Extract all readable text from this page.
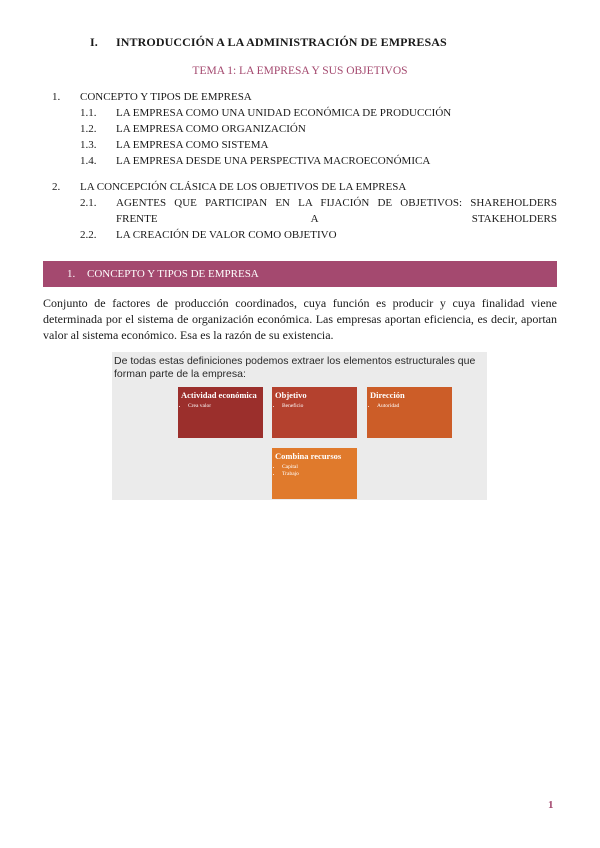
I. INTRODUCCIÓN A LA ADMINISTRACIÓN DE EMPRESAS
TEMA 1: LA EMPRESA Y SUS OBJETIVOS
1. CONCEPTO Y TIPOS DE EMPRESA
1.1. LA EMPRESA COMO UNA UNIDAD ECONÓMICA DE PRODUCCIÓN
1.2. LA EMPRESA COMO ORGANIZACIÓN
1.3. LA EMPRESA COMO SISTEMA
1.4. LA EMPRESA DESDE UNA PERSPECTIVA MACROECONÓMICA
2. LA CONCEPCIÓN CLÁSICA DE LOS OBJETIVOS DE LA EMPRESA
2.1.	AGENTES QUE PARTICIPAN EN LA FIJACIÓN DE OBJETIVOS: SHAREHOLDERS FRENTE A STAKEHOLDERS
2.2. LA CREACIÓN DE VALOR COMO OBJETIVO
1.	CONCEPTO Y TIPOS DE EMPRESA
Conjunto de factores de producción coordinados, cuya función es producir y cuya finalidad viene determinada por el sistema de organización económica. Las empresas aportan eficiencia, es decir, aportan valor al sistema económico. Esa es la razón de su existencia.
De todas estas definiciones podemos extraer los elementos estructurales que forman parte de la empresa:
Actividad económica
• Crea valor
Objetivo
• Beneficio
Dirección
• Autoridad
Combina recursos
• Capital
• Trabajo
1
